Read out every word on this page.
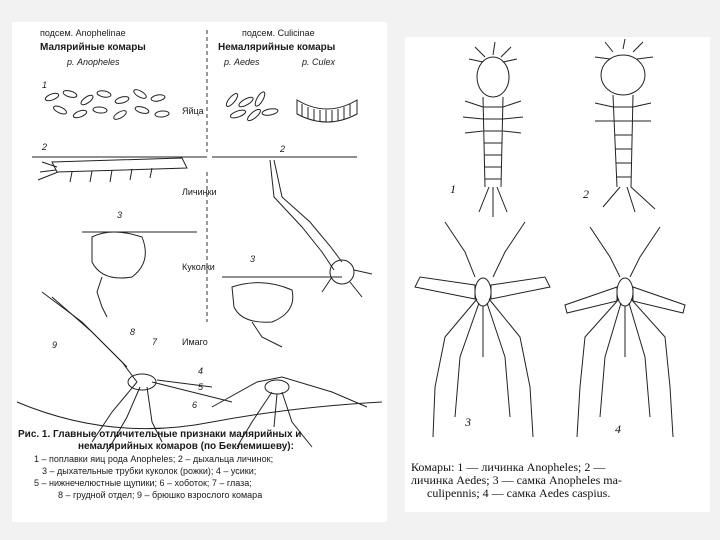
подсем. Anophelinae
Малярийные комары
р. Anopheles
подсем. Culicinae
Немалярийные комары
р. Aedes	р. Culex
Яйца
Личинки
Куколки
Имаго
1
2	2
3
3
9
8
7
5
6
4
Рис. 1. Главные отличительные признаки малярийных и
немалярийных комаров (по Беклемишеву):
1 – поплавки яиц рода Anopheles; 2 – дыхальца личинок;
3 – дыхательные трубки куколок (рожки); 4 – усики;
5 – нижнечелюстные щупики; 6 – хоботок; 7 – глаза;
8 – грудной отдел; 9 – брюшко взрослого комара
1	2
3	4
Комары: 1 — личинка Anopheles; 2 —
личинка Aedes; 3 — самка Anopheles ma-
culipennis; 4 — самка Aedes caspius.
